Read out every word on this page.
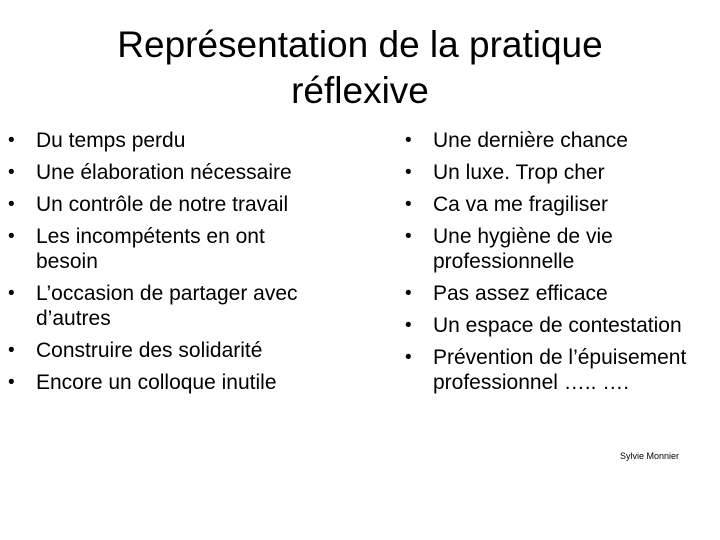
Représentation de la pratique
réflexive
•	Du temps perdu
•	Une élaboration nécessaire
•	Un contrôle de notre travail
•	Les incompétents en ont besoin
•	L’occasion de partager avec d’autres
•	Construire des solidarité
•	Encore un colloque inutile
•	Une dernière chance
•	Un luxe. Trop cher
•	Ca va me fragiliser
•	Une hygiène de vie professionnelle
•	Pas assez efficace
•	Un espace de contestation
•	Prévention de l’épuisement professionnel ….. ….
Sylvie Monnier
